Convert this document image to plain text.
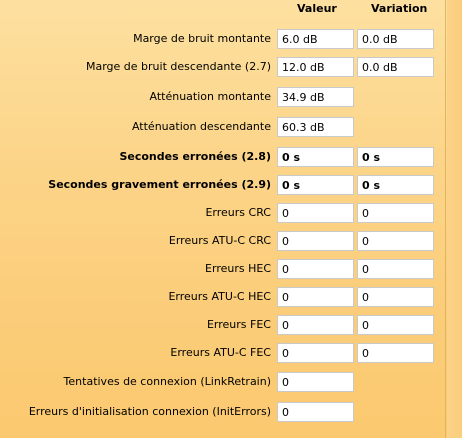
Valeur	Variation
Marge de bruit montante	6.0 dB	0.0 dB
Marge de bruit descendante (2.7)	12.0 dB	0.0 dB
Atténuation montante	34.9 dB
Atténuation descendante	60.3 dB
Secondes erronées (2.8)	0 s	0 s
Secondes gravement erronées (2.9)	0 s	0 s
Erreurs CRC	0	0
Erreurs ATU-C CRC	0	0
Erreurs HEC	0	0
Erreurs ATU-C HEC	0	0
Erreurs FEC	0	0
Erreurs ATU-C FEC	0	0
Tentatives de connexion (LinkRetrain)	0
Erreurs d'initialisation connexion (InitErrors)	0
